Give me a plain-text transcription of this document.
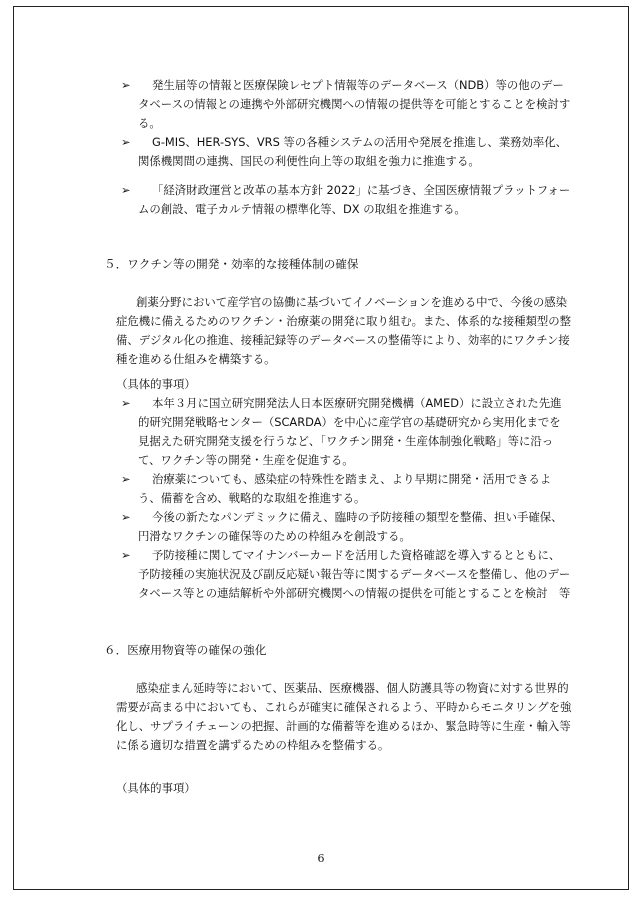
➢	発生届等の情報と医療保険レセプト情報等のデータベース（NDB）等の他のデータベースの情報との連携や外部研究機関への情報の提供等を可能とすることを検討する。
➢	G-MIS、HER-SYS、VRS 等の各種システムの活用や発展を推進し、業務効率化、関係機関間の連携、国民の利便性向上等の取組を強力に推進する。
➢	「経済財政運営と改革の基本方針 2022」に基づき、全国医療情報プラットフォームの創設、電子カルテ情報の標準化等、DX の取組を推進する。
５．ワクチン等の開発・効率的な接種体制の確保
創薬分野において産学官の協働に基づいてイノベーションを進める中で、今後の感染症危機に備えるためのワクチン・治療薬の開発に取り組む。また、体系的な接種類型の整備、デジタル化の推進、接種記録等のデータベースの整備等により、効率的にワクチン接種を進める仕組みを構築する。
（具体的事項）
➢	本年３月に国立研究開発法人日本医療研究開発機構（AMED）に設立された先進的研究開発戦略センター（SCARDA）を中心に産学官の基礎研究から実用化までを見据えた研究開発支援を行うなど、「ワクチン開発・生産体制強化戦略」等に沿って、ワクチン等の開発・生産を促進する。
➢	治療薬についても、感染症の特殊性を踏まえ、より早期に開発・活用できるよう、備蓄を含め、戦略的な取組を推進する。
➢	今後の新たなパンデミックに備え、臨時の予防接種の類型を整備、担い手確保、円滑なワクチンの確保等のための枠組みを創設する。
➢	予防接種に関してマイナンバーカードを活用した資格確認を導入するとともに、予防接種の実施状況及び副反応疑い報告等に関するデータベースを整備し、他のデータベース等との連結解析や外部研究機関への情報の提供を可能とすることを検討　等
６．医療用物資等の確保の強化
感染症まん延時等において、医薬品、医療機器、個人防護具等の物資に対する世界的需要が高まる中においても、これらが確実に確保されるよう、平時からモニタリングを強化し、サプライチェーンの把握、計画的な備蓄等を進めるほか、緊急時等に生産・輸入等に係る適切な措置を講ずるための枠組みを整備する。
（具体的事項）
6
